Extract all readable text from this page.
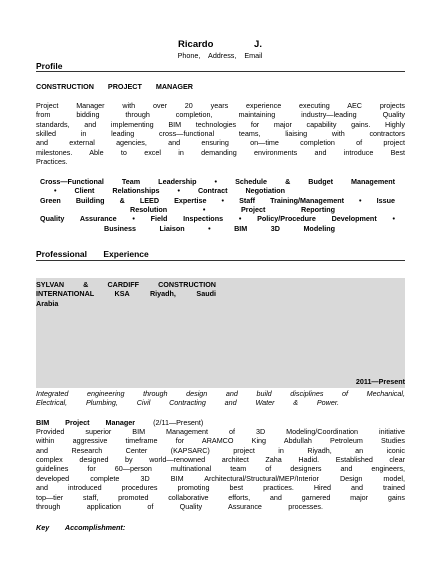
Ricardo J.
Phone, Address, Email
Profile
CONSTRUCTION PROJECT MANAGER
Project Manager with over 20 years experience executing AEC projects
from bidding through completion, maintaining industry—leading Quality
standards, and implementing BIM technologies for major capability gains. Highly
skilled in leading cross—functional teams, liaising with contractors
and external agencies, and ensuring on—time completion of project
milestones. Able to excel in demanding environments and introduce Best
Practices.
Cross—Functional Team Leadership • Schedule & Budget Management
• Client Relationships • Contract Negotiation
Green Building & LEED Expertise • Staff Training/Management • Issue
Resolution • Project Reporting
Quality Assurance • Field Inspections • Policy/Procedure Development •
Business Liaison • BIM 3D Modeling
Professional Experience
SYLVAN & CARDIFF CONSTRUCTION
INTERNATIONAL KSA Riyadh, Saudi
Arabia
2011—Present
Integrated engineering through design and build disciplines of Mechanical,
Electrical, Plumbing, Civil Contracting and Water & Power.
BIM Project Manager	(2/11—Present)
Provided superior BIM Management of 3D Modeling/Coordination initiative
within aggressive timeframe for ARAMCO King Abdullah Petroleum Studies
and Research Center (KAPSARC) project in Riyadh, an iconic
complex designed by world—renowned architect Zaha Hadid. Established clear
guidelines for 60—person multinational team of designers and engineers,
developed complete 3D BIM Architectural/Structural/MEP/Interior Design model,
and introduced procedures promoting best practices. Hired and trained
top—tier staff, promoted collaborative efforts, and garnered major gains
through application of Quality Assurance processes.
Key Accomplishment:
